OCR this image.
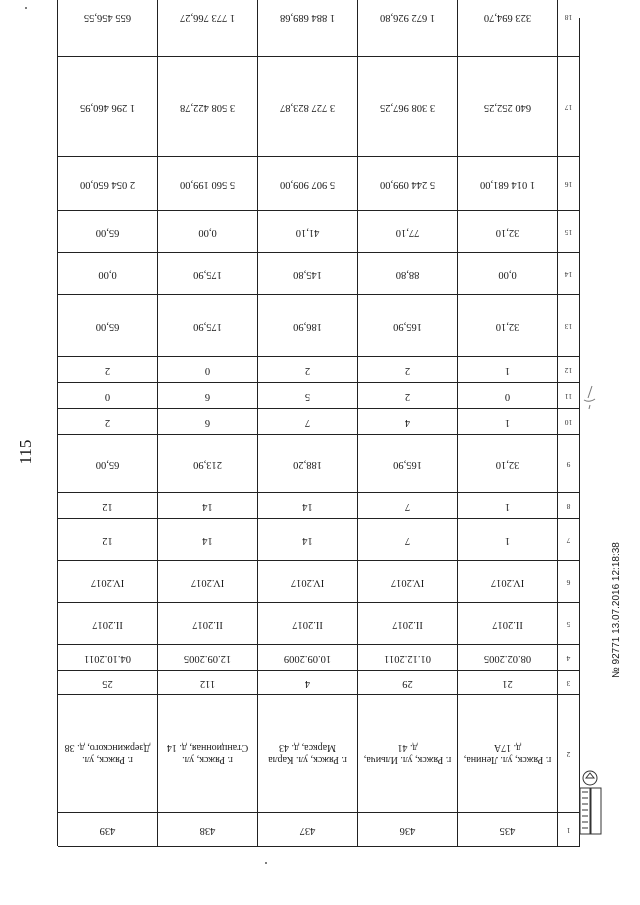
115
1
435
436
437
438
439
2
г. Ряжск, ул. Ленина, д. 17А
г. Ряжск, ул. Ильича, д. 41
г. Ряжск, ул. Карла Маркса, д. 43
г. Ряжск, ул. Станционная, д. 14
г. Ряжск, ул. Дзержинского, д. 38
3
21
29
4
112
25
4
08.02.2005
01.12.2011
10.09.2009
12.09.2005
04.10.2011
5
II.2017
II.2017
II.2017
II.2017
II.2017
6
IV.2017
IV.2017
IV.2017
IV.2017
IV.2017
7
1
7
14
14
12
8
1
7
14
14
12
9
32,10
165,90
188,20
213,90
65,00
10
1
4
7
6
2
11
0
2
5
6
0
12
1
2
2
0
2
13
32,10
165,90
186,90
175,90
65,00
14
0,00
88,80
145,80
175,90
0,00
15
32,10
77,10
41,10
0,00
65,00
16
1 014 681,00
5 244 099,00
5 907 909,00
5 560 199,00
2 054 650,00
17
640 252,25
3 308 967,25
3 727 823,87
3 508 422,78
1 296 460,95
18
323 694,70
1 672 926,80
1 884 689,68
1 773 766,27
655 456,55
№ 92771 13.07.2016 12:18:38
